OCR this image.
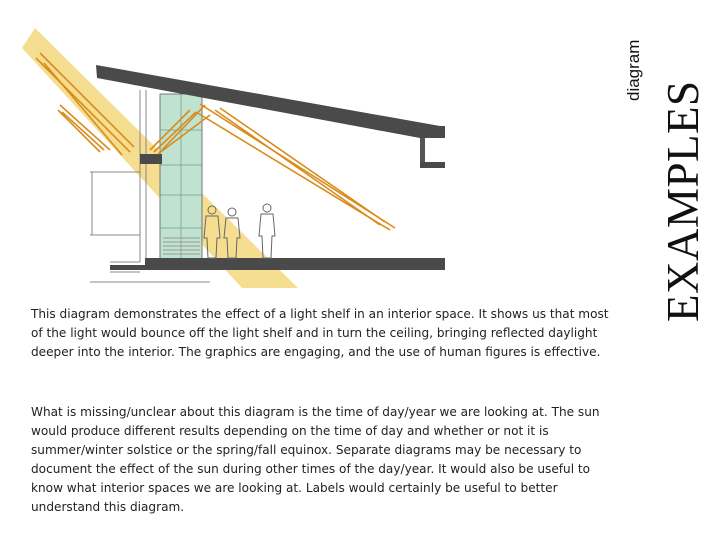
This diagram demonstrates the effect of a light shelf in an interior space. It shows us that most of the light would bounce off the light shelf and in turn the ceiling, bringing reflected daylight deeper into the interior. The graphics are engaging, and the use of human figures is effective.

What is missing/unclear about this diagram is the time of day/year we are looking at. The sun would produce different results depending on the time of day and whether or not it is summer/winter solstice or the spring/fall equinox. Separate diagrams may be necessary to document the effect of the sun during other times of the day/year. It would also be useful to know what interior spaces we are looking at. Labels would certainly be useful to better understand this diagram.

diagram
EXAMPLES
